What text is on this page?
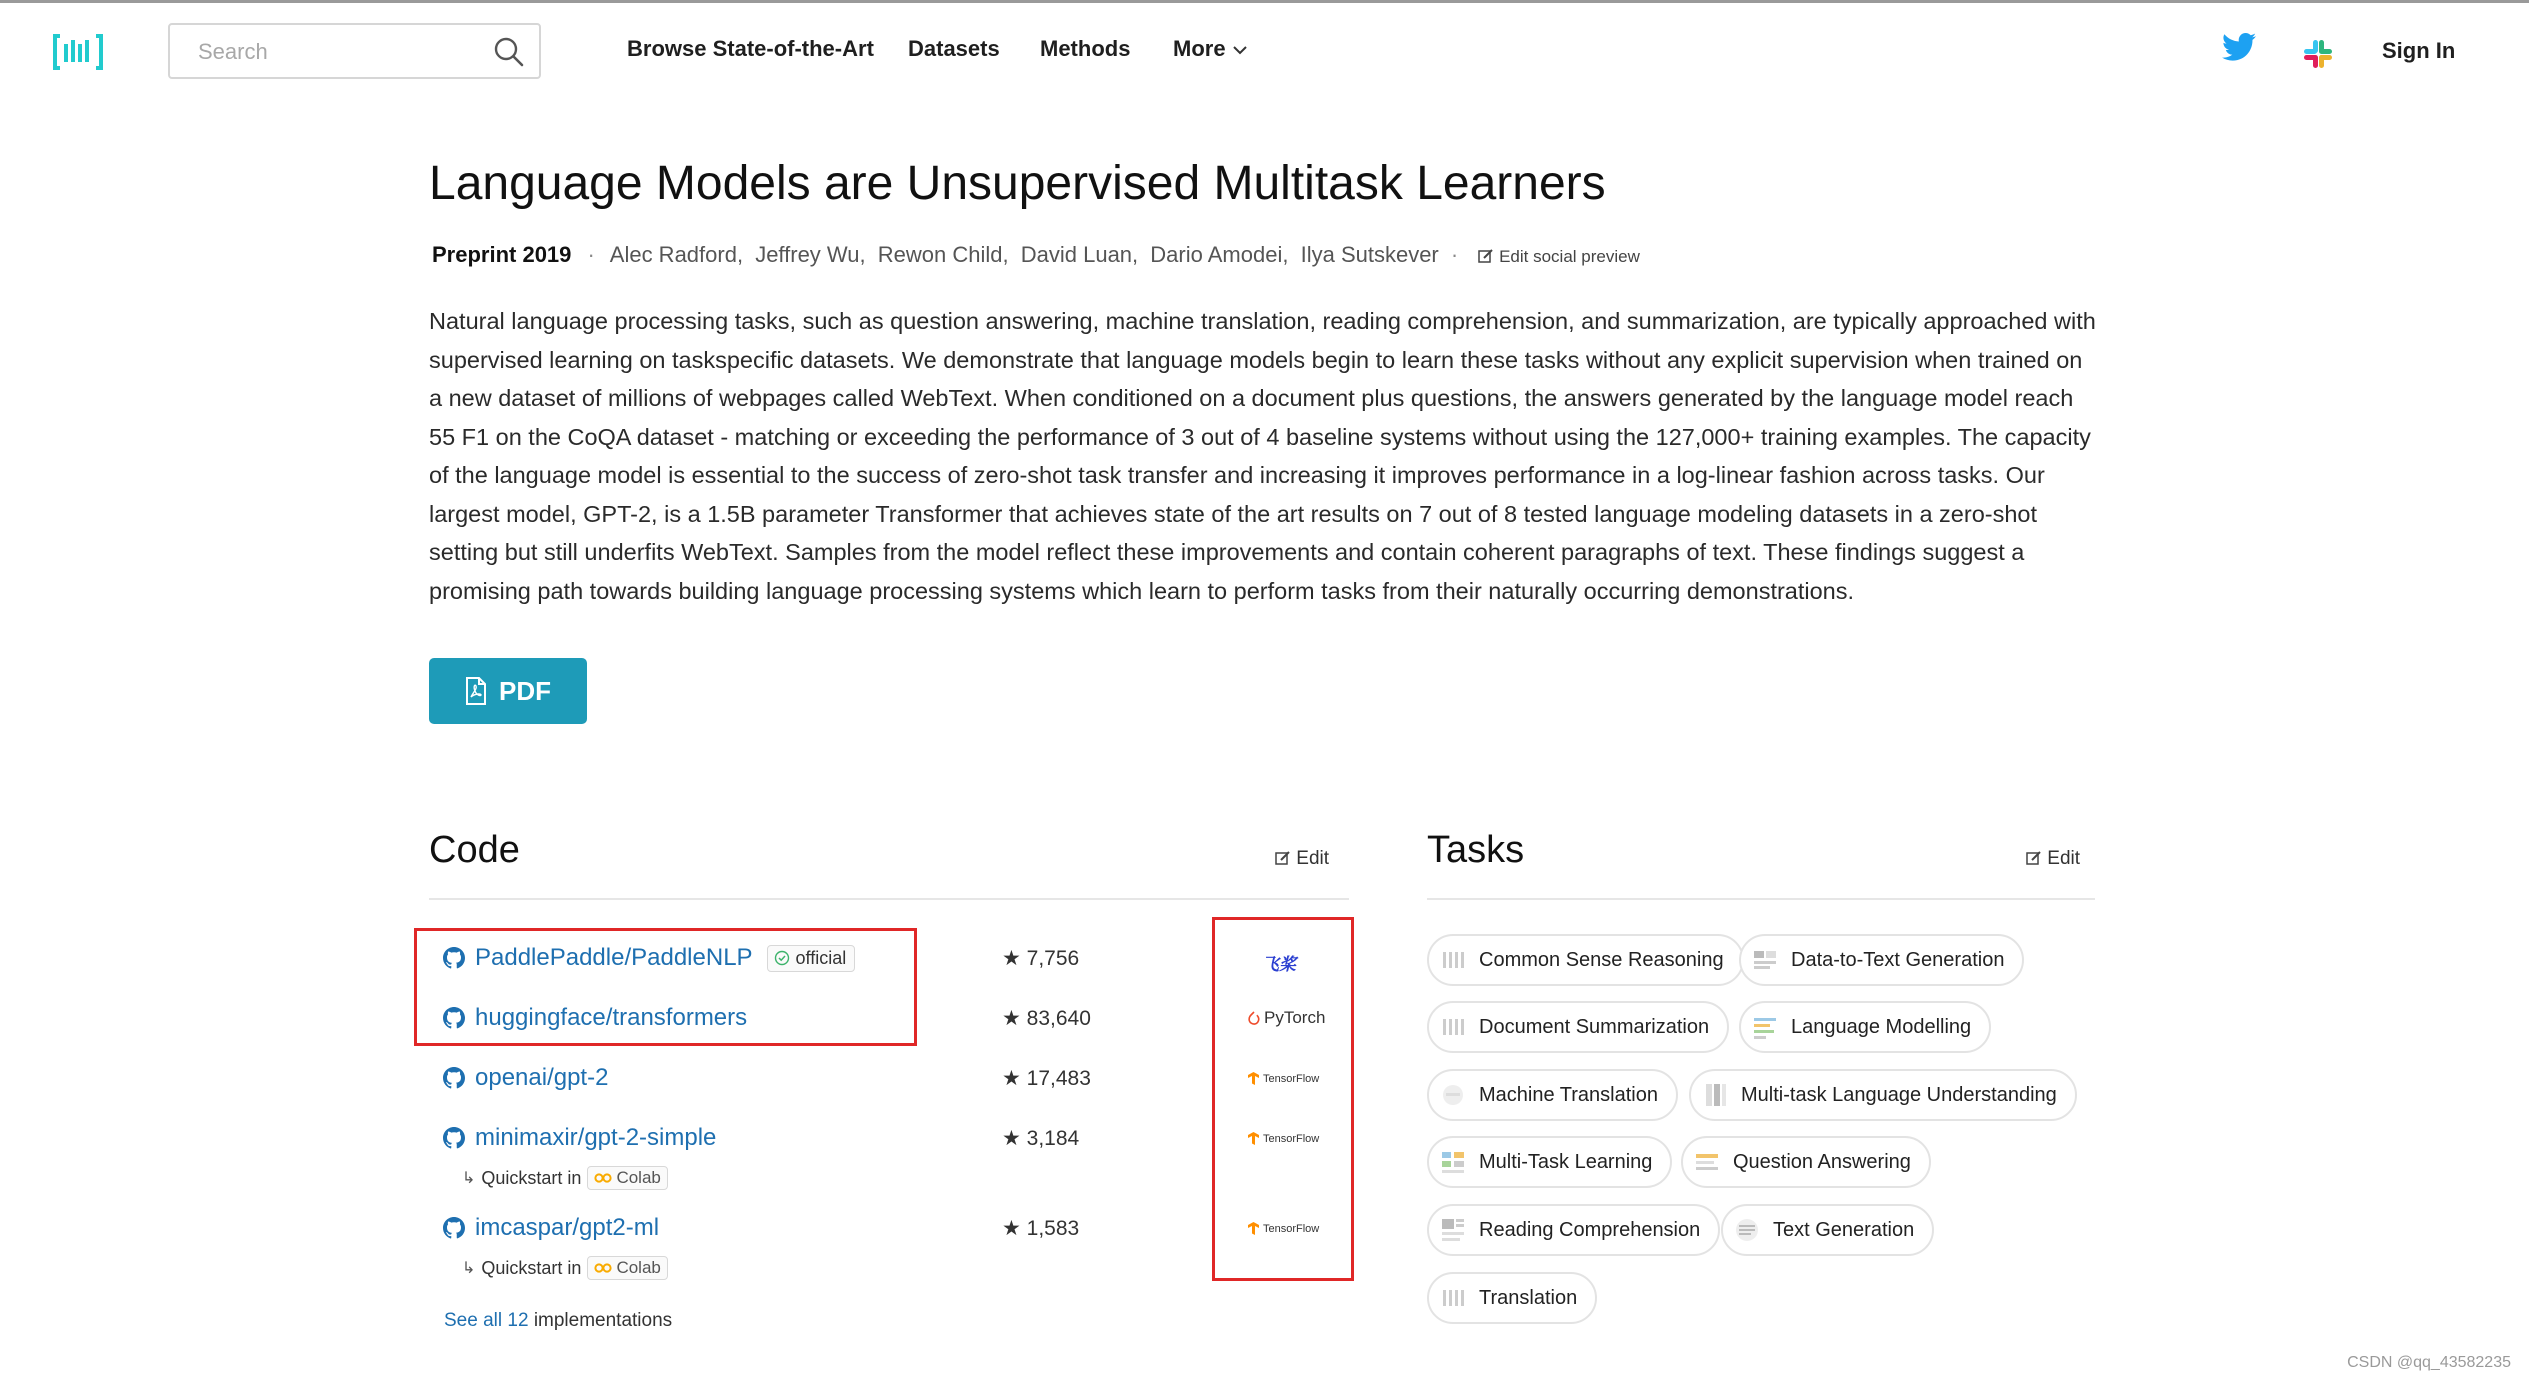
Search
Browse State-of-the-Art Datasets Methods More	Sign In
Language Models are Unsupervised Multitask Learners
Preprint 2019 · Alec Radford, Jeffrey Wu, Rewon Child, David Luan, Dario Amodei, Ilya Sutskever · Edit social preview

Natural language processing tasks, such as question answering, machine translation, reading comprehension, and summarization, are typically approached with supervised learning on taskspecific datasets. We demonstrate that language models begin to learn these tasks without any explicit supervision when trained on a new dataset of millions of webpages called WebText. When conditioned on a document plus questions, the answers generated by the language model reach 55 F1 on the CoQA dataset - matching or exceeding the performance of 3 out of 4 baseline systems without using the 127,000+ training examples. The capacity of the language model is essential to the success of zero-shot task transfer and increasing it improves performance in a log-linear fashion across tasks. Our largest model, GPT-2, is a 1.5B parameter Transformer that achieves state of the art results on 7 out of 8 tested language modeling datasets in a zero-shot setting but still underfits WebText. Samples from the model reflect these improvements and contain coherent paragraphs of text. These findings suggest a promising path towards building language processing systems which learn to perform tasks from their naturally occurring demonstrations.

PDF
Code	Edit
PaddlePaddle/PaddleNLP official	★ 7,756	飞桨
huggingface/transformers	★ 83,640	PyTorch
openai/gpt-2	★ 17,483	TensorFlow
minimaxir/gpt-2-simple	★ 3,184	TensorFlow
↳ Quickstart in Colab
imcaspar/gpt2-ml	★ 1,583	TensorFlow
↳ Quickstart in Colab
See all 12 implementations
Tasks	Edit
Common Sense Reasoning	Data-to-Text Generation
Document Summarization	Language Modelling
Machine Translation	Multi-task Language Understanding
Multi-Task Learning	Question Answering
Reading Comprehension	Text Generation
Translation
CSDN @qq_43582235
